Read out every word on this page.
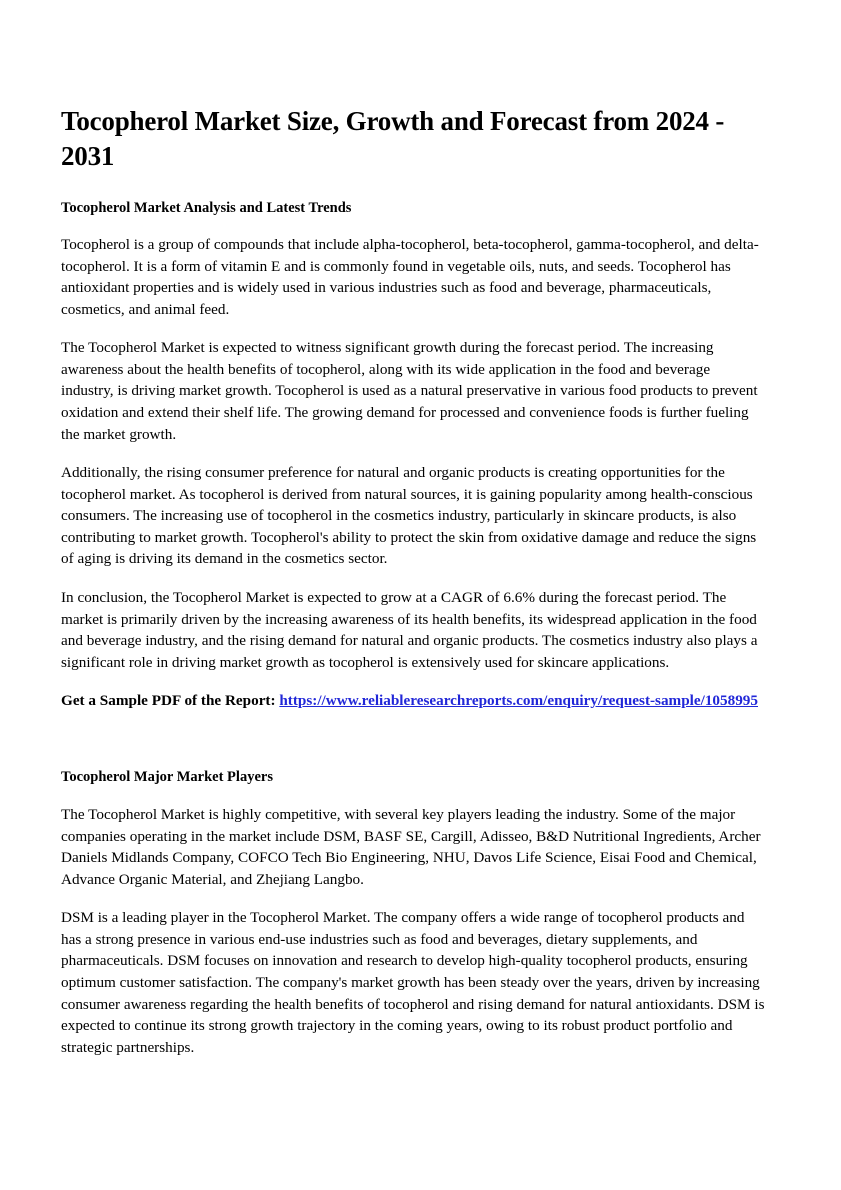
Tocopherol Market Size, Growth and Forecast from 2024 - 2031
Tocopherol Market Analysis and Latest Trends

Tocopherol is a group of compounds that include alpha-tocopherol, beta-tocopherol, gamma-tocopherol, and delta-tocopherol. It is a form of vitamin E and is commonly found in vegetable oils, nuts, and seeds. Tocopherol has antioxidant properties and is widely used in various industries such as food and beverage, pharmaceuticals, cosmetics, and animal feed.

The Tocopherol Market is expected to witness significant growth during the forecast period. The increasing awareness about the health benefits of tocopherol, along with its wide application in the food and beverage industry, is driving market growth. Tocopherol is used as a natural preservative in various food products to prevent oxidation and extend their shelf life. The growing demand for processed and convenience foods is further fueling the market growth.

Additionally, the rising consumer preference for natural and organic products is creating opportunities for the tocopherol market. As tocopherol is derived from natural sources, it is gaining popularity among health-conscious consumers. The increasing use of tocopherol in the cosmetics industry, particularly in skincare products, is also contributing to market growth. Tocopherol's ability to protect the skin from oxidative damage and reduce the signs of aging is driving its demand in the cosmetics sector.

In conclusion, the Tocopherol Market is expected to grow at a CAGR of 6.6% during the forecast period. The market is primarily driven by the increasing awareness of its health benefits, its widespread application in the food and beverage industry, and the rising demand for natural and organic products. The cosmetics industry also plays a significant role in driving market growth as tocopherol is extensively used for skincare applications.

Get a Sample PDF of the Report: https://www.reliableresearchreports.com/enquiry/request-sample/1058995

Tocopherol Major Market Players

The Tocopherol Market is highly competitive, with several key players leading the industry. Some of the major companies operating in the market include DSM, BASF SE, Cargill, Adisseo, B&D Nutritional Ingredients, Archer Daniels Midlands Company, COFCO Tech Bio Engineering, NHU, Davos Life Science, Eisai Food and Chemical, Advance Organic Material, and Zhejiang Langbo.

DSM is a leading player in the Tocopherol Market. The company offers a wide range of tocopherol products and has a strong presence in various end-use industries such as food and beverages, dietary supplements, and pharmaceuticals. DSM focuses on innovation and research to develop high-quality tocopherol products, ensuring optimum customer satisfaction. The company's market growth has been steady over the years, driven by increasing consumer awareness regarding the health benefits of tocopherol and rising demand for natural antioxidants. DSM is expected to continue its strong growth trajectory in the coming years, owing to its robust product portfolio and strategic partnerships.
